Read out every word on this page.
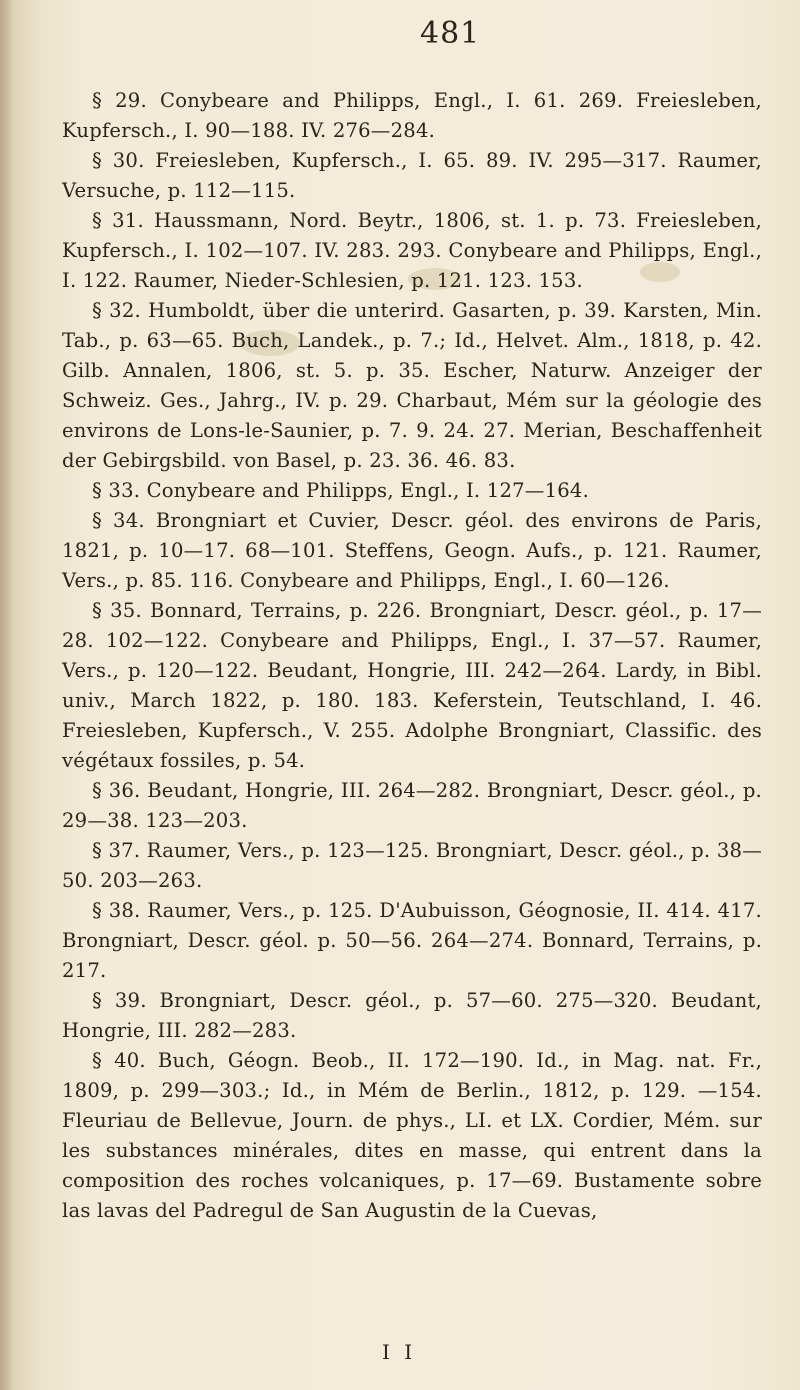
481

§ 29. Conybeare and Philipps, Engl., I. 61. 269. Freiesleben, Kupfersch., I. 90—188. IV. 276—284.

§ 30. Freiesleben, Kupfersch., I. 65. 89. IV. 295—317. Raumer, Versuche, p. 112—115.

§ 31. Haussmann, Nord. Beytr., 1806, st. 1. p. 73. Freiesleben, Kupfersch., I. 102—107. IV. 283. 293. Conybeare and Philipps, Engl., I. 122. Raumer, Nieder-Schlesien, p. 121. 123. 153.

§ 32. Humboldt, über die unterird. Gasarten, p. 39. Karsten, Min. Tab., p. 63—65. Buch, Landek., p. 7.; Id., Helvet. Alm., 1818, p. 42. Gilb. Annalen, 1806, st. 5. p. 35. Escher, Naturw. Anzeiger der Schweiz. Ges., Jahrg., IV. p. 29. Charbaut, Mém sur la géologie des environs de Lons-le-Saunier, p. 7. 9. 24. 27. Merian, Beschaffenheit der Gebirgsbild. von Basel, p. 23. 36. 46. 83.

§ 33. Conybeare and Philipps, Engl., I. 127—164.

§ 34. Brongniart et Cuvier, Descr. géol. des environs de Paris, 1821, p. 10—17. 68—101. Steffens, Geogn. Aufs., p. 121. Raumer, Vers., p. 85. 116. Conybeare and Philipps, Engl., I. 60—126.

§ 35. Bonnard, Terrains, p. 226. Brongniart, Descr. géol., p. 17—28. 102—122. Conybeare and Philipps, Engl., I. 37—57. Raumer, Vers., p. 120—122. Beudant, Hongrie, III. 242—264. Lardy, in Bibl. univ., March 1822, p. 180. 183. Keferstein, Teutschland, I. 46. Freiesleben, Kupfersch., V. 255. Adolphe Brongniart, Classific. des végétaux fossiles, p. 54.

§ 36. Beudant, Hongrie, III. 264—282. Brongniart, Descr. géol., p. 29—38. 123—203.

§ 37. Raumer, Vers., p. 123—125. Brongniart, Descr. géol., p. 38—50. 203—263.

§ 38. Raumer, Vers., p. 125. D'Aubuisson, Géognosie, II. 414. 417. Brongniart, Descr. géol. p. 50—56. 264—274. Bonnard, Terrains, p. 217.

§ 39. Brongniart, Descr. géol., p. 57—60. 275—320. Beudant, Hongrie, III. 282—283.

§ 40. Buch, Géogn. Beob., II. 172—190. Id., in Mag. nat. Fr., 1809, p. 299—303.; Id., in Mém de Berlin., 1812, p. 129. —154. Fleuriau de Bellevue, Journ. de phys., LI. et LX. Cordier, Mém. sur les substances minérales, dites en masse, qui entrent dans la composition des roches volcaniques, p. 17—69. Bustamente sobre las lavas del Padregul de San Augustin de la Cuevas,

I I
